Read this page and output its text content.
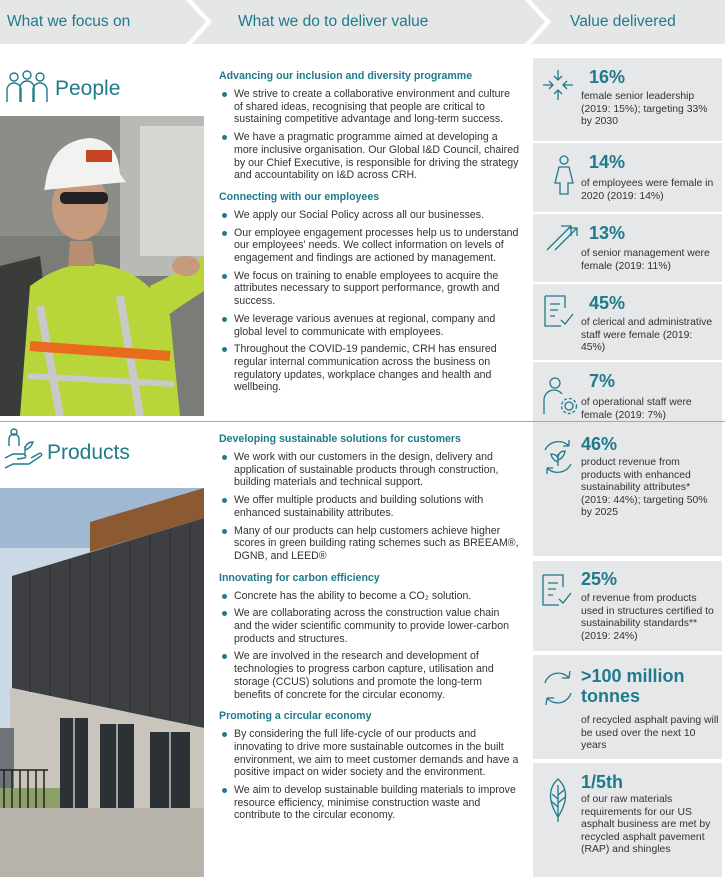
What we focus on	What we do to deliver value	Value delivered
People
Advancing our inclusion and diversity programme
We strive to create a collaborative environment and culture of shared ideas, recognising that people are critical to sustaining competitive advantage and long-term success.
We have a pragmatic programme aimed at developing a more inclusive organisation. Our Global I&D Council, chaired by our Chief Executive, is responsible for driving the strategy and accountability on I&D across CRH.
Connecting with our employees
We apply our Social Policy across all our businesses.
Our employee engagement processes help us to understand our employees' needs. We collect information on levels of engagement and findings are actioned by management.
We focus on training to enable employees to acquire the attributes necessary to support performance, growth and success.
We leverage various avenues at regional, company and global level to communicate with employees.
Throughout the COVID-19 pandemic, CRH has ensured regular internal communication across the business on regulatory updates, workplace changes and health and wellbeing.
16%
female senior leadership (2019: 15%); targeting 33% by 2030
14%
of employees were female in 2020 (2019: 14%)
13%
of senior management were female (2019: 11%)
45%
of clerical and administrative staff were female (2019: 45%)
7%
of operational staff were female (2019: 7%)
Products
Developing sustainable solutions for customers
We work with our customers in the design, delivery and application of sustainable products through construction, building materials and technical support.
We offer multiple products and building solutions with enhanced sustainability attributes.
Many of our products can help customers achieve higher scores in green building rating schemes such as BREEAM®, DGNB, and LEED®
Innovating for carbon efficiency
Concrete has the ability to become a CO₂ solution.
We are collaborating across the construction value chain and the wider scientific community to provide lower-carbon products and structures.
We are involved in the research and development of technologies to progress carbon capture, utilisation and storage (CCUS) solutions and promote the long-term benefits of concrete for the circular economy.
Promoting a circular economy
By considering the full life-cycle of our products and innovating to drive more sustainable outcomes in the built environment, we aim to meet customer demands and have a positive impact on wider society and the environment.
We aim to develop sustainable building materials to improve resource efficiency, minimise construction waste and contribute to the circular economy.
46%
product revenue from products with enhanced sustainability attributes* (2019: 44%); targeting 50% by 2025
25%
of revenue from products used in structures certified to sustainability standards** (2019: 24%)
>100 million tonnes
of recycled asphalt paving will be used over the next 10 years
1/5th
of our raw materials requirements for our US asphalt business are met by recycled asphalt pavement (RAP) and shingles
